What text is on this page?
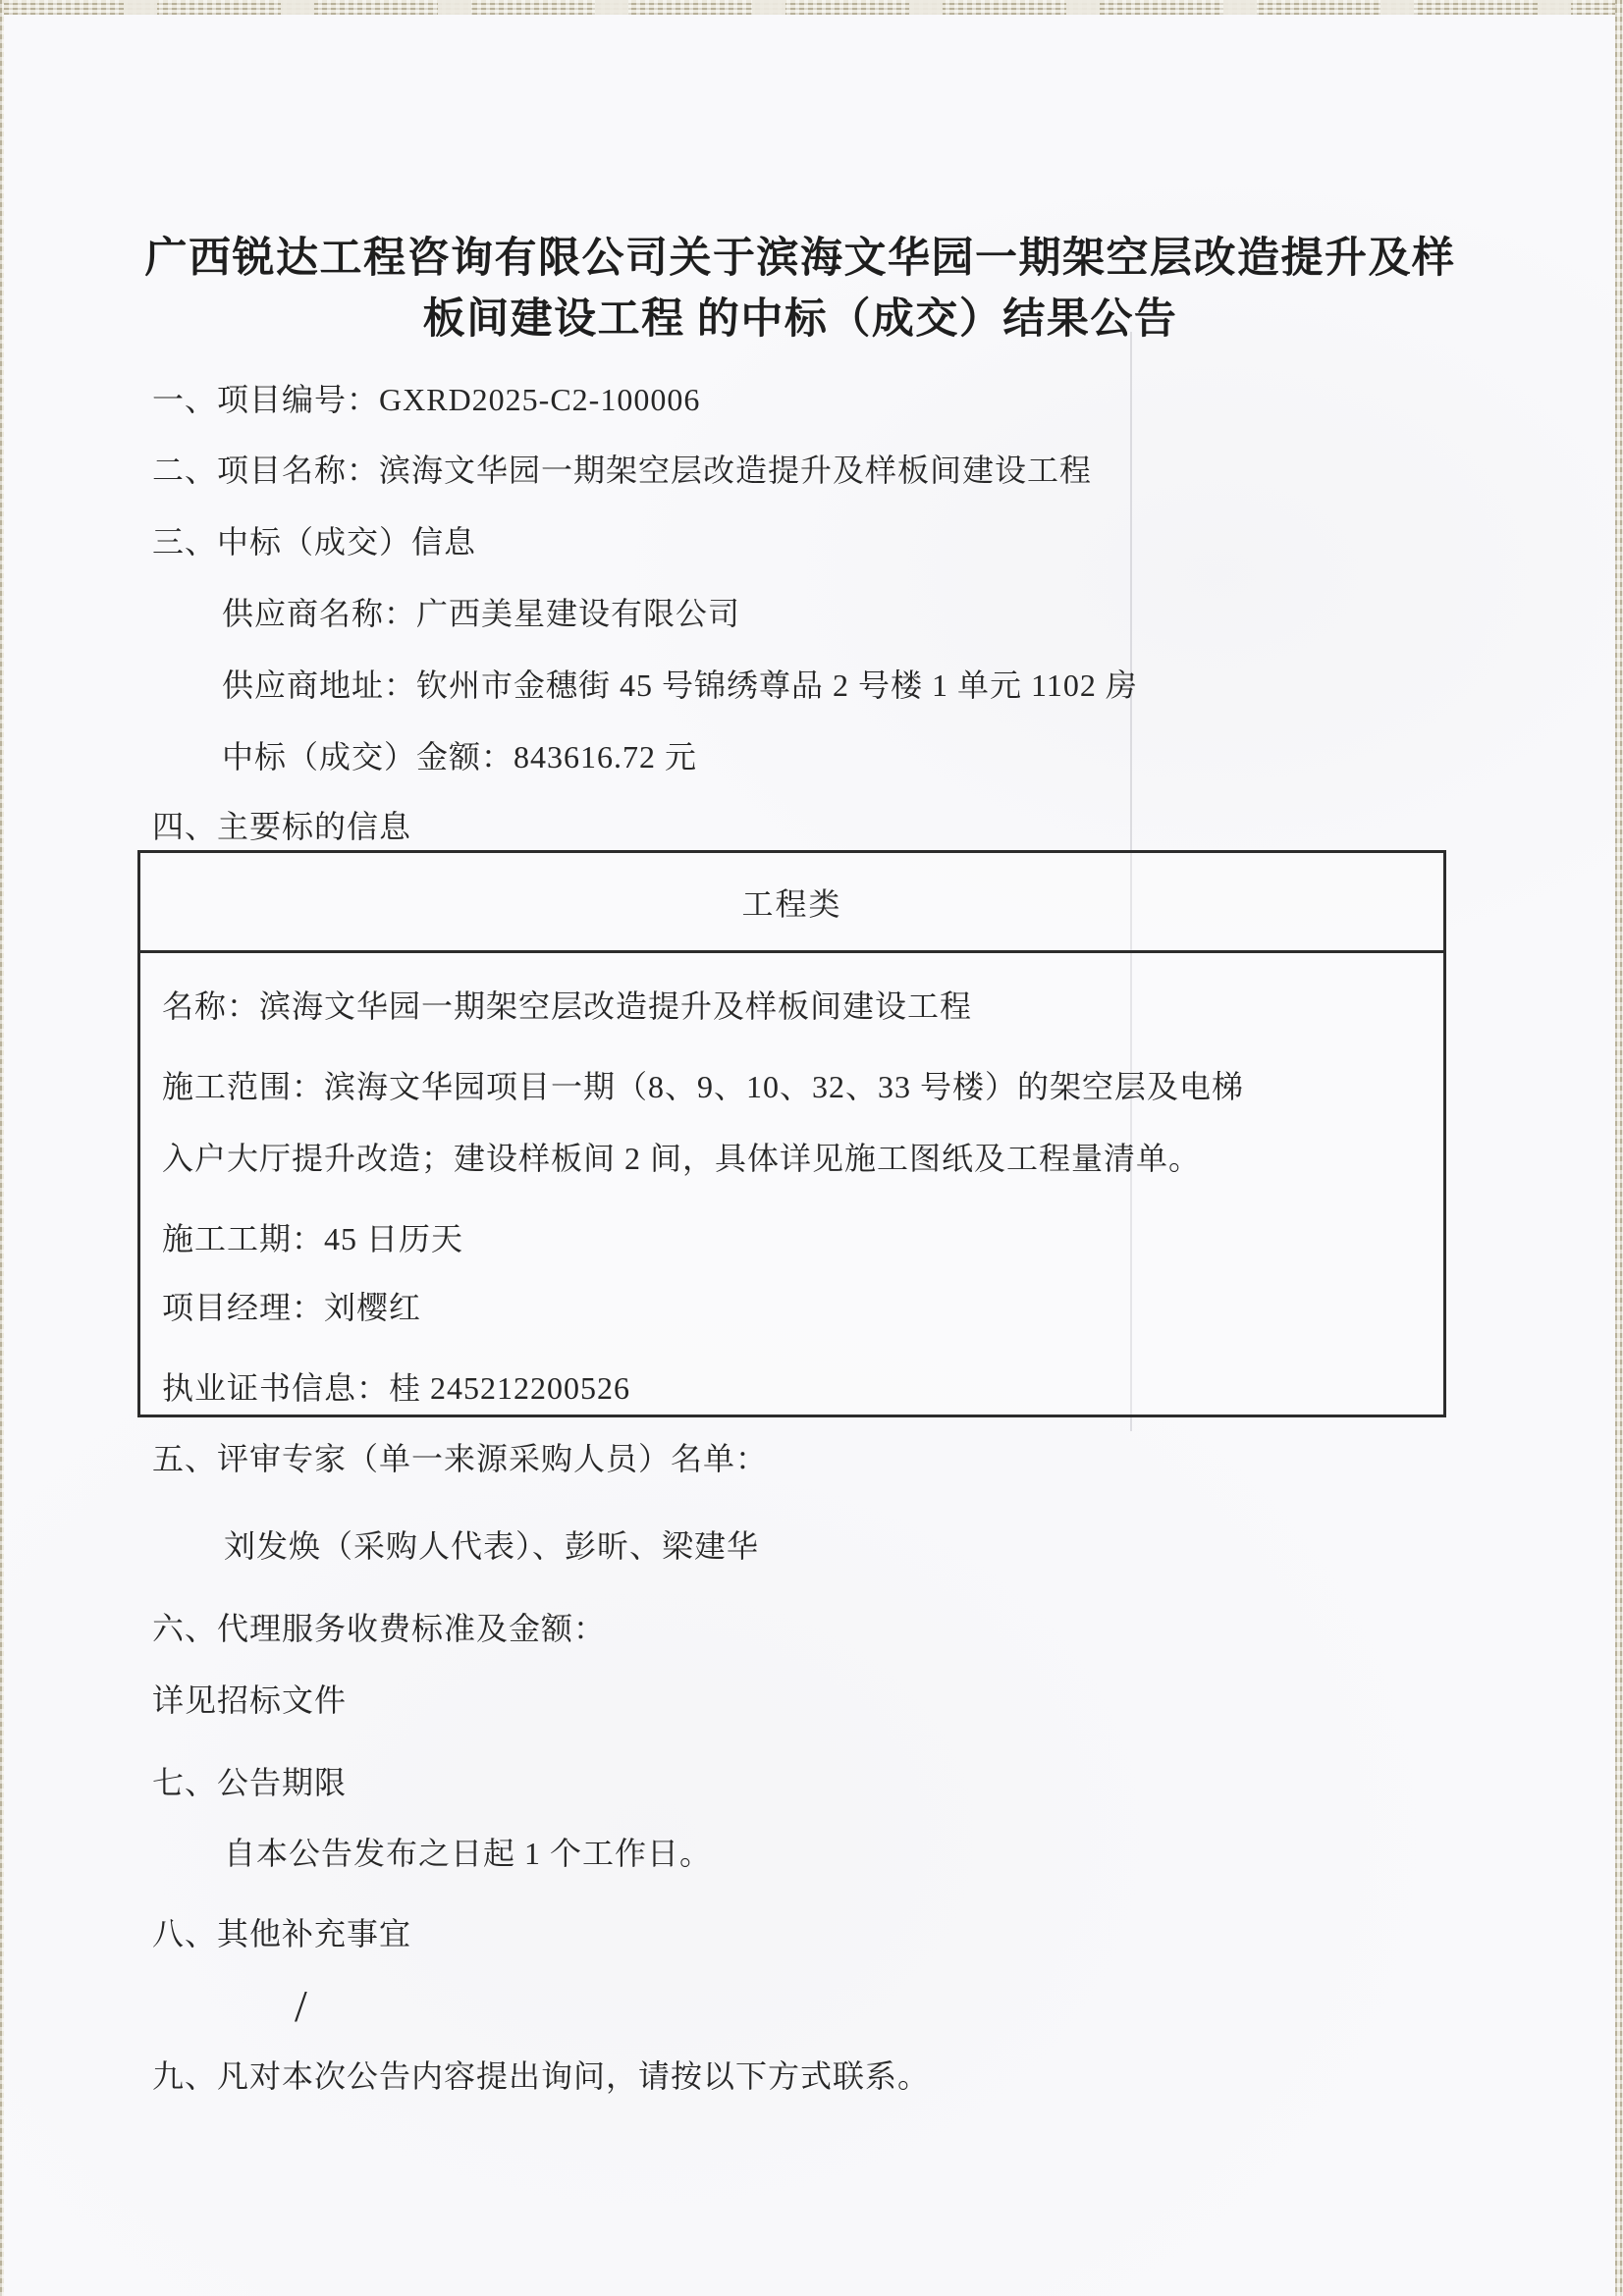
广西锐达工程咨询有限公司关于滨海文华园一期架空层改造提升及样
板间建设工程 的中标（成交）结果公告
一、项目编号：GXRD2025-C2-100006
二、项目名称：滨海文华园一期架空层改造提升及样板间建设工程
三、中标（成交）信息
供应商名称：广西美星建设有限公司
供应商地址：钦州市金穗街 45 号锦绣尊品 2 号楼 1 单元 1102 房
中标（成交）金额：843616.72 元
四、主要标的信息
工程类
名称：滨海文华园一期架空层改造提升及样板间建设工程
施工范围：滨海文华园项目一期（8、9、10、32、33 号楼）的架空层及电梯
入户大厅提升改造；建设样板间 2 间，具体详见施工图纸及工程量清单。
施工工期：45 日历天
项目经理：刘樱红
执业证书信息：桂 245212200526
五、评审专家（单一来源采购人员）名单：
刘发焕（采购人代表）、彭昕、梁建华
六、代理服务收费标准及金额：
详见招标文件
七、公告期限
自本公告发布之日起 1 个工作日。
八、其他补充事宜
/
九、凡对本次公告内容提出询问，请按以下方式联系。
